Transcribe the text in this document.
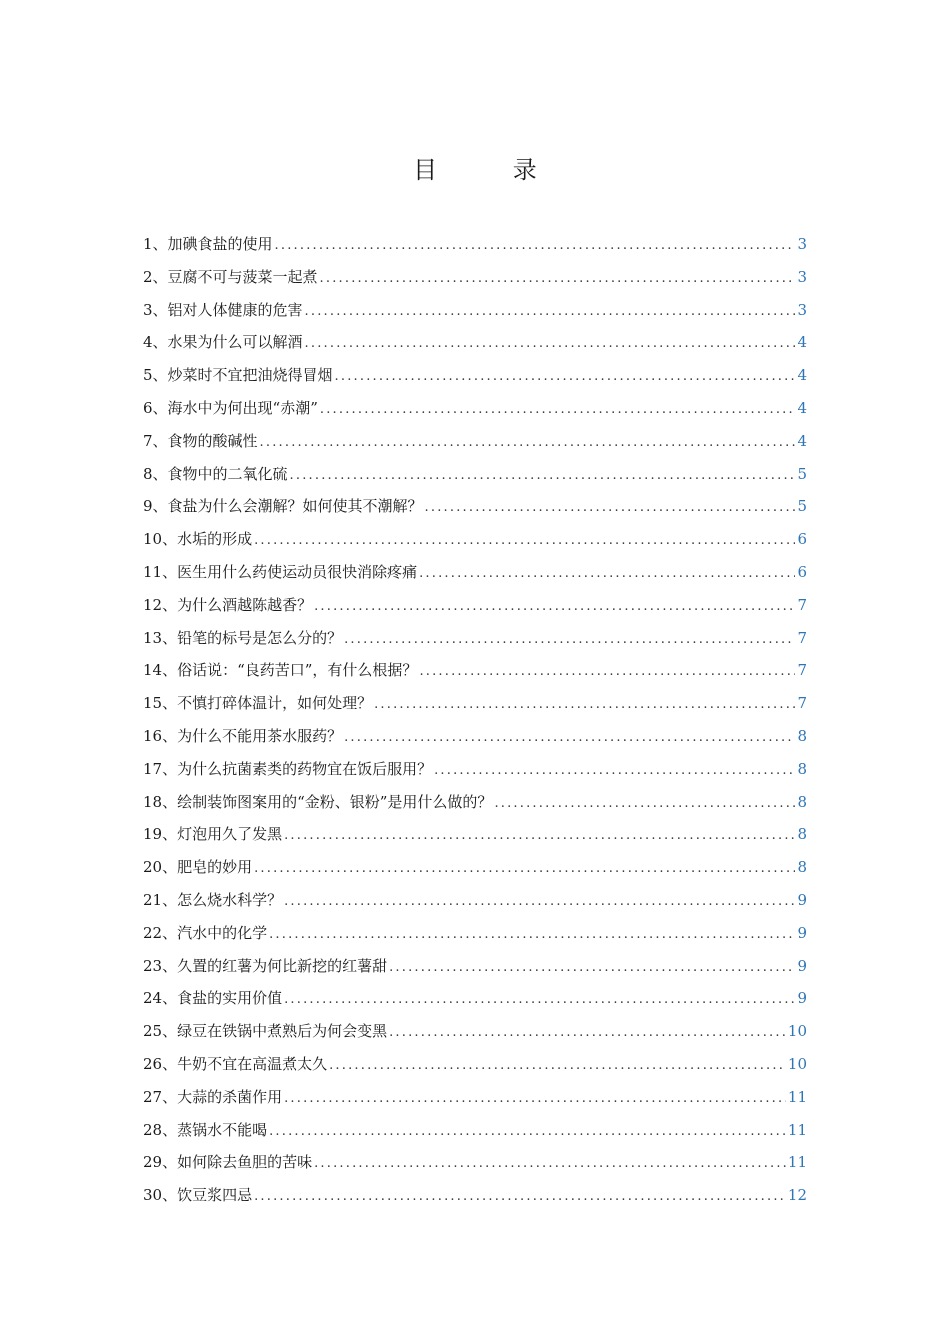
目 录
1、加碘食盐的使用 .....	3
2、豆腐不可与菠菜一起煮 .....	3
3、铝对人体健康的危害 .....	3
4、水果为什么可以解酒 .....	4
5、炒菜时不宜把油烧得冒烟 .....	4
6、海水中为何出现“赤潮” .....	4
7、食物的酸碱性 .....	4
8、食物中的二氧化硫 .....	5
9、食盐为什么会潮解？如何使其不潮解？ .....	5
10、水垢的形成 .....	6
11、医生用什么药使运动员很快消除疼痛 .....	6
12、为什么酒越陈越香？ .....	7
13、铅笔的标号是怎么分的？ .....	7
14、俗话说：“良药苦口”，有什么根据？ .....	7
15、不慎打碎体温计，如何处理？ .....	7
16、为什么不能用茶水服药？ .....	8
17、为什么抗菌素类的药物宜在饭后服用？ .....	8
18、绘制装饰图案用的“金粉、银粉”是用什么做的？ .....	8
19、灯泡用久了发黑 .....	8
20、肥皂的妙用 .....	8
21、怎么烧水科学？ .....	9
22、汽水中的化学 .....	9
23、久置的红薯为何比新挖的红薯甜 .....	9
24、食盐的实用价值 .....	9
25、绿豆在铁锅中煮熟后为何会变黑 .....	10
26、牛奶不宜在高温煮太久 .....	10
27、大蒜的杀菌作用 .....	11
28、蒸锅水不能喝 .....	11
29、如何除去鱼胆的苦味 .....	11
30、饮豆浆四忌 .....	12
